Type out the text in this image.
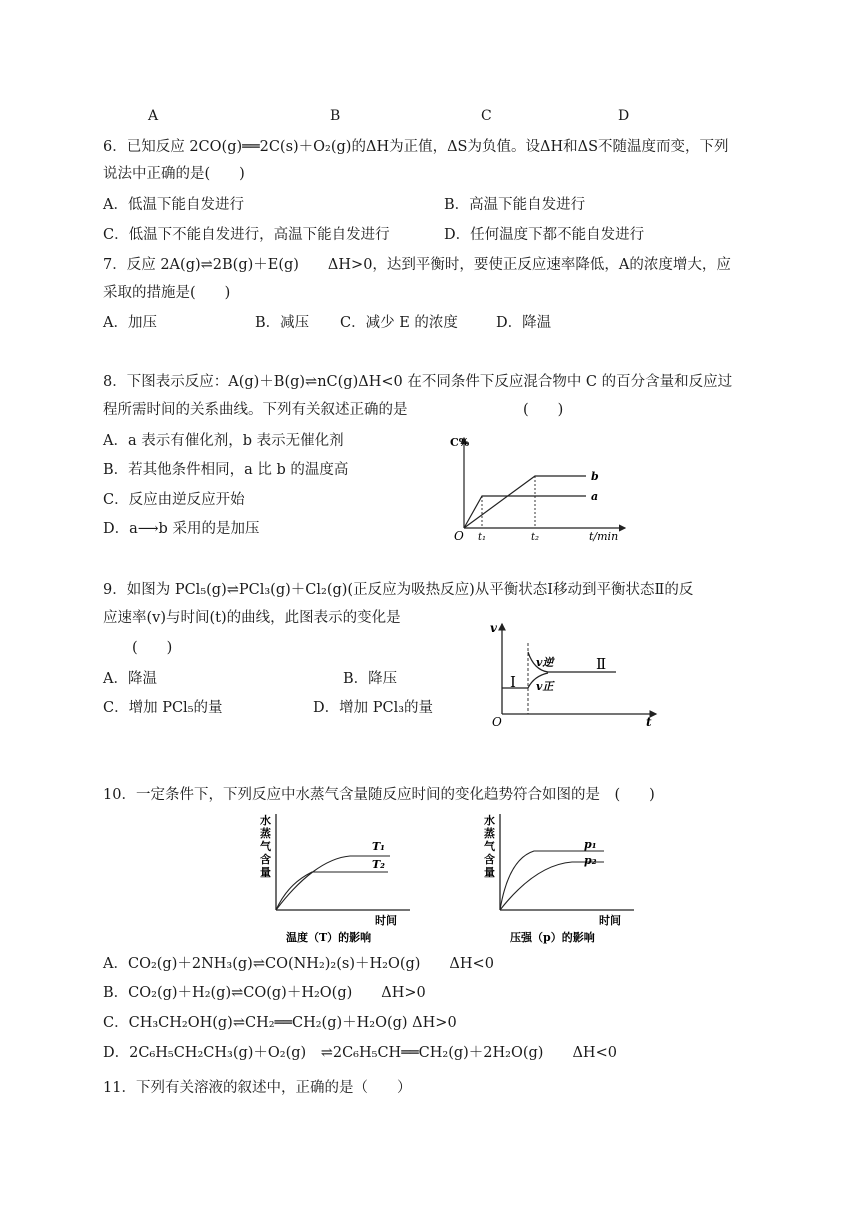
A	B	C	D
6．已知反应 2CO(g)══2C(s)＋O₂(g)的ΔH为正值，ΔS为负值。设ΔH和ΔS不随温度而变，下列
说法中正确的是(　　)
A．低温下能自发进行	B．高温下能自发进行
C．低温下不能自发进行，高温下能自发进行	D．任何温度下都不能自发进行
7．反应 2A(g)⇌2B(g)＋E(g)　　ΔH>0，达到平衡时，要使正反应速率降低，A的浓度增大，应
采取的措施是(　　)
A．加压	B．减压 C．减少 E 的浓度	D．降温
8．下图表示反应：A(g)＋B(g)⇌nC(g)ΔH<0 在不同条件下反应混合物中 C 的百分含量和反应过
程所需时间的关系曲线。下列有关叙述正确的是	(　　)
A．a 表示有催化剂，b 表示无催化剂
B．若其他条件相同，a 比 b 的温度高
C．反应由逆反应开始
D．a⟶b 采用的是加压
C%
O	t/min
t₁	t₂
a
b
9．如图为 PCl₅(g)⇌PCl₃(g)＋Cl₂(g)(正反应为吸热反应)从平衡状态Ⅰ移动到平衡状态Ⅱ的反
应速率(v)与时间(t)的曲线，此图表示的变化是
(　　)
A．降温	B．降压
C．增加 PCl₅的量	D．增加 PCl₃的量
v
O	t
Ⅰ
Ⅱ
v逆
v正
10．一定条件下，下列反应中水蒸气含量随反应时间的变化趋势符合如图的是　(　　)
水 蒸 气 含 量
时间
温度（T）的影响
T₁
T₂
水 蒸 气 含 量
时间
压强（p）的影响
p₁
p₂
A．CO₂(g)＋2NH₃(g)⇌CO(NH₂)₂(s)＋H₂O(g)　　ΔH<0
B．CO₂(g)＋H₂(g)⇌CO(g)＋H₂O(g)　　ΔH>0
C．CH₃CH₂OH(g)⇌CH₂══CH₂(g)＋H₂O(g) ΔH>0
D．2C₆H₅CH₂CH₃(g)＋O₂(g)　⇌2C₆H₅CH══CH₂(g)＋2H₂O(g)　　ΔH<0
11．下列有关溶液的叙述中，正确的是（　　）
